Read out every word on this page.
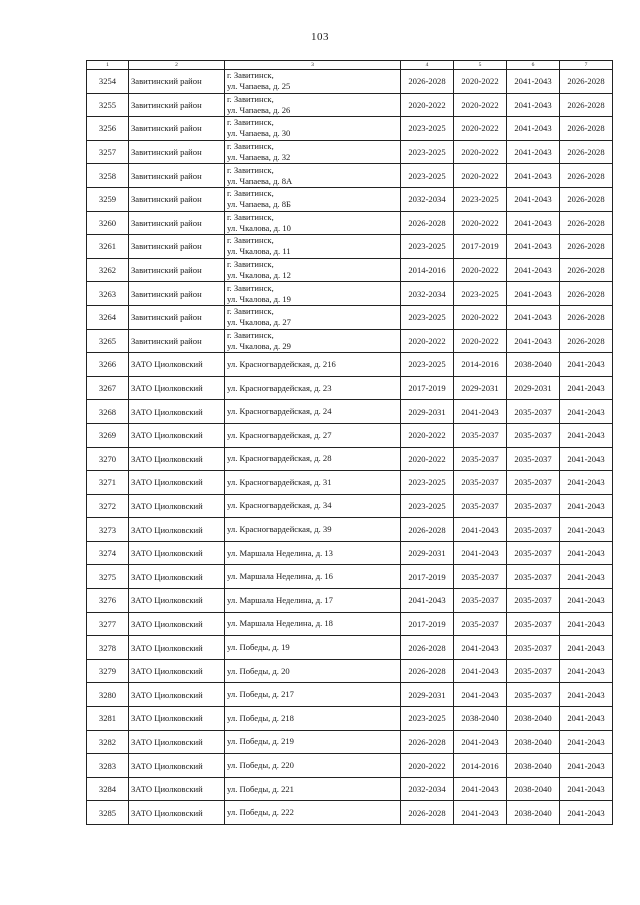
103
1	2	3	4	5	6	7
3254	Завитинский район	г. Завитинск,
ул. Чапаева, д. 25	2026-2028	2020-2022	2041-2043	2026-2028
3255	Завитинский район	г. Завитинск,
ул. Чапаева, д. 26	2020-2022	2020-2022	2041-2043	2026-2028
3256	Завитинский район	г. Завитинск,
ул. Чапаева, д. 30	2023-2025	2020-2022	2041-2043	2026-2028
3257	Завитинский район	г. Завитинск,
ул. Чапаева, д. 32	2023-2025	2020-2022	2041-2043	2026-2028
3258	Завитинский район	г. Завитинск,
ул. Чапаева, д. 8А	2023-2025	2020-2022	2041-2043	2026-2028
3259	Завитинский район	г. Завитинск,
ул. Чапаева, д. 8Б	2032-2034	2023-2025	2041-2043	2026-2028
3260	Завитинский район	г. Завитинск,
ул. Чкалова, д. 10	2026-2028	2020-2022	2041-2043	2026-2028
3261	Завитинский район	г. Завитинск,
ул. Чкалова, д. 11	2023-2025	2017-2019	2041-2043	2026-2028
3262	Завитинский район	г. Завитинск,
ул. Чкалова, д. 12	2014-2016	2020-2022	2041-2043	2026-2028
3263	Завитинский район	г. Завитинск,
ул. Чкалова, д. 19	2032-2034	2023-2025	2041-2043	2026-2028
3264	Завитинский район	г. Завитинск,
ул. Чкалова, д. 27	2023-2025	2020-2022	2041-2043	2026-2028
3265	Завитинский район	г. Завитинск,
ул. Чкалова, д. 29	2020-2022	2020-2022	2041-2043	2026-2028
3266	ЗАТО Циолковский	ул. Красногвардейская, д. 216	2023-2025	2014-2016	2038-2040	2041-2043
3267	ЗАТО Циолковский	ул. Красногвардейская, д. 23	2017-2019	2029-2031	2029-2031	2041-2043
3268	ЗАТО Циолковский	ул. Красногвардейская, д. 24	2029-2031	2041-2043	2035-2037	2041-2043
3269	ЗАТО Циолковский	ул. Красногвардейская, д. 27	2020-2022	2035-2037	2035-2037	2041-2043
3270	ЗАТО Циолковский	ул. Красногвардейская, д. 28	2020-2022	2035-2037	2035-2037	2041-2043
3271	ЗАТО Циолковский	ул. Красногвардейская, д. 31	2023-2025	2035-2037	2035-2037	2041-2043
3272	ЗАТО Циолковский	ул. Красногвардейская, д. 34	2023-2025	2035-2037	2035-2037	2041-2043
3273	ЗАТО Циолковский	ул. Красногвардейская, д. 39	2026-2028	2041-2043	2035-2037	2041-2043
3274	ЗАТО Циолковский	ул. Маршала Неделина, д. 13	2029-2031	2041-2043	2035-2037	2041-2043
3275	ЗАТО Циолковский	ул. Маршала Неделина, д. 16	2017-2019	2035-2037	2035-2037	2041-2043
3276	ЗАТО Циолковский	ул. Маршала Неделина, д. 17	2041-2043	2035-2037	2035-2037	2041-2043
3277	ЗАТО Циолковский	ул. Маршала Неделина, д. 18	2017-2019	2035-2037	2035-2037	2041-2043
3278	ЗАТО Циолковский	ул. Победы, д. 19	2026-2028	2041-2043	2035-2037	2041-2043
3279	ЗАТО Циолковский	ул. Победы, д. 20	2026-2028	2041-2043	2035-2037	2041-2043
3280	ЗАТО Циолковский	ул. Победы, д. 217	2029-2031	2041-2043	2035-2037	2041-2043
3281	ЗАТО Циолковский	ул. Победы, д. 218	2023-2025	2038-2040	2038-2040	2041-2043
3282	ЗАТО Циолковский	ул. Победы, д. 219	2026-2028	2041-2043	2038-2040	2041-2043
3283	ЗАТО Циолковский	ул. Победы, д. 220	2020-2022	2014-2016	2038-2040	2041-2043
3284	ЗАТО Циолковский	ул. Победы, д. 221	2032-2034	2041-2043	2038-2040	2041-2043
3285	ЗАТО Циолковский	ул. Победы, д. 222	2026-2028	2041-2043	2038-2040	2041-2043
